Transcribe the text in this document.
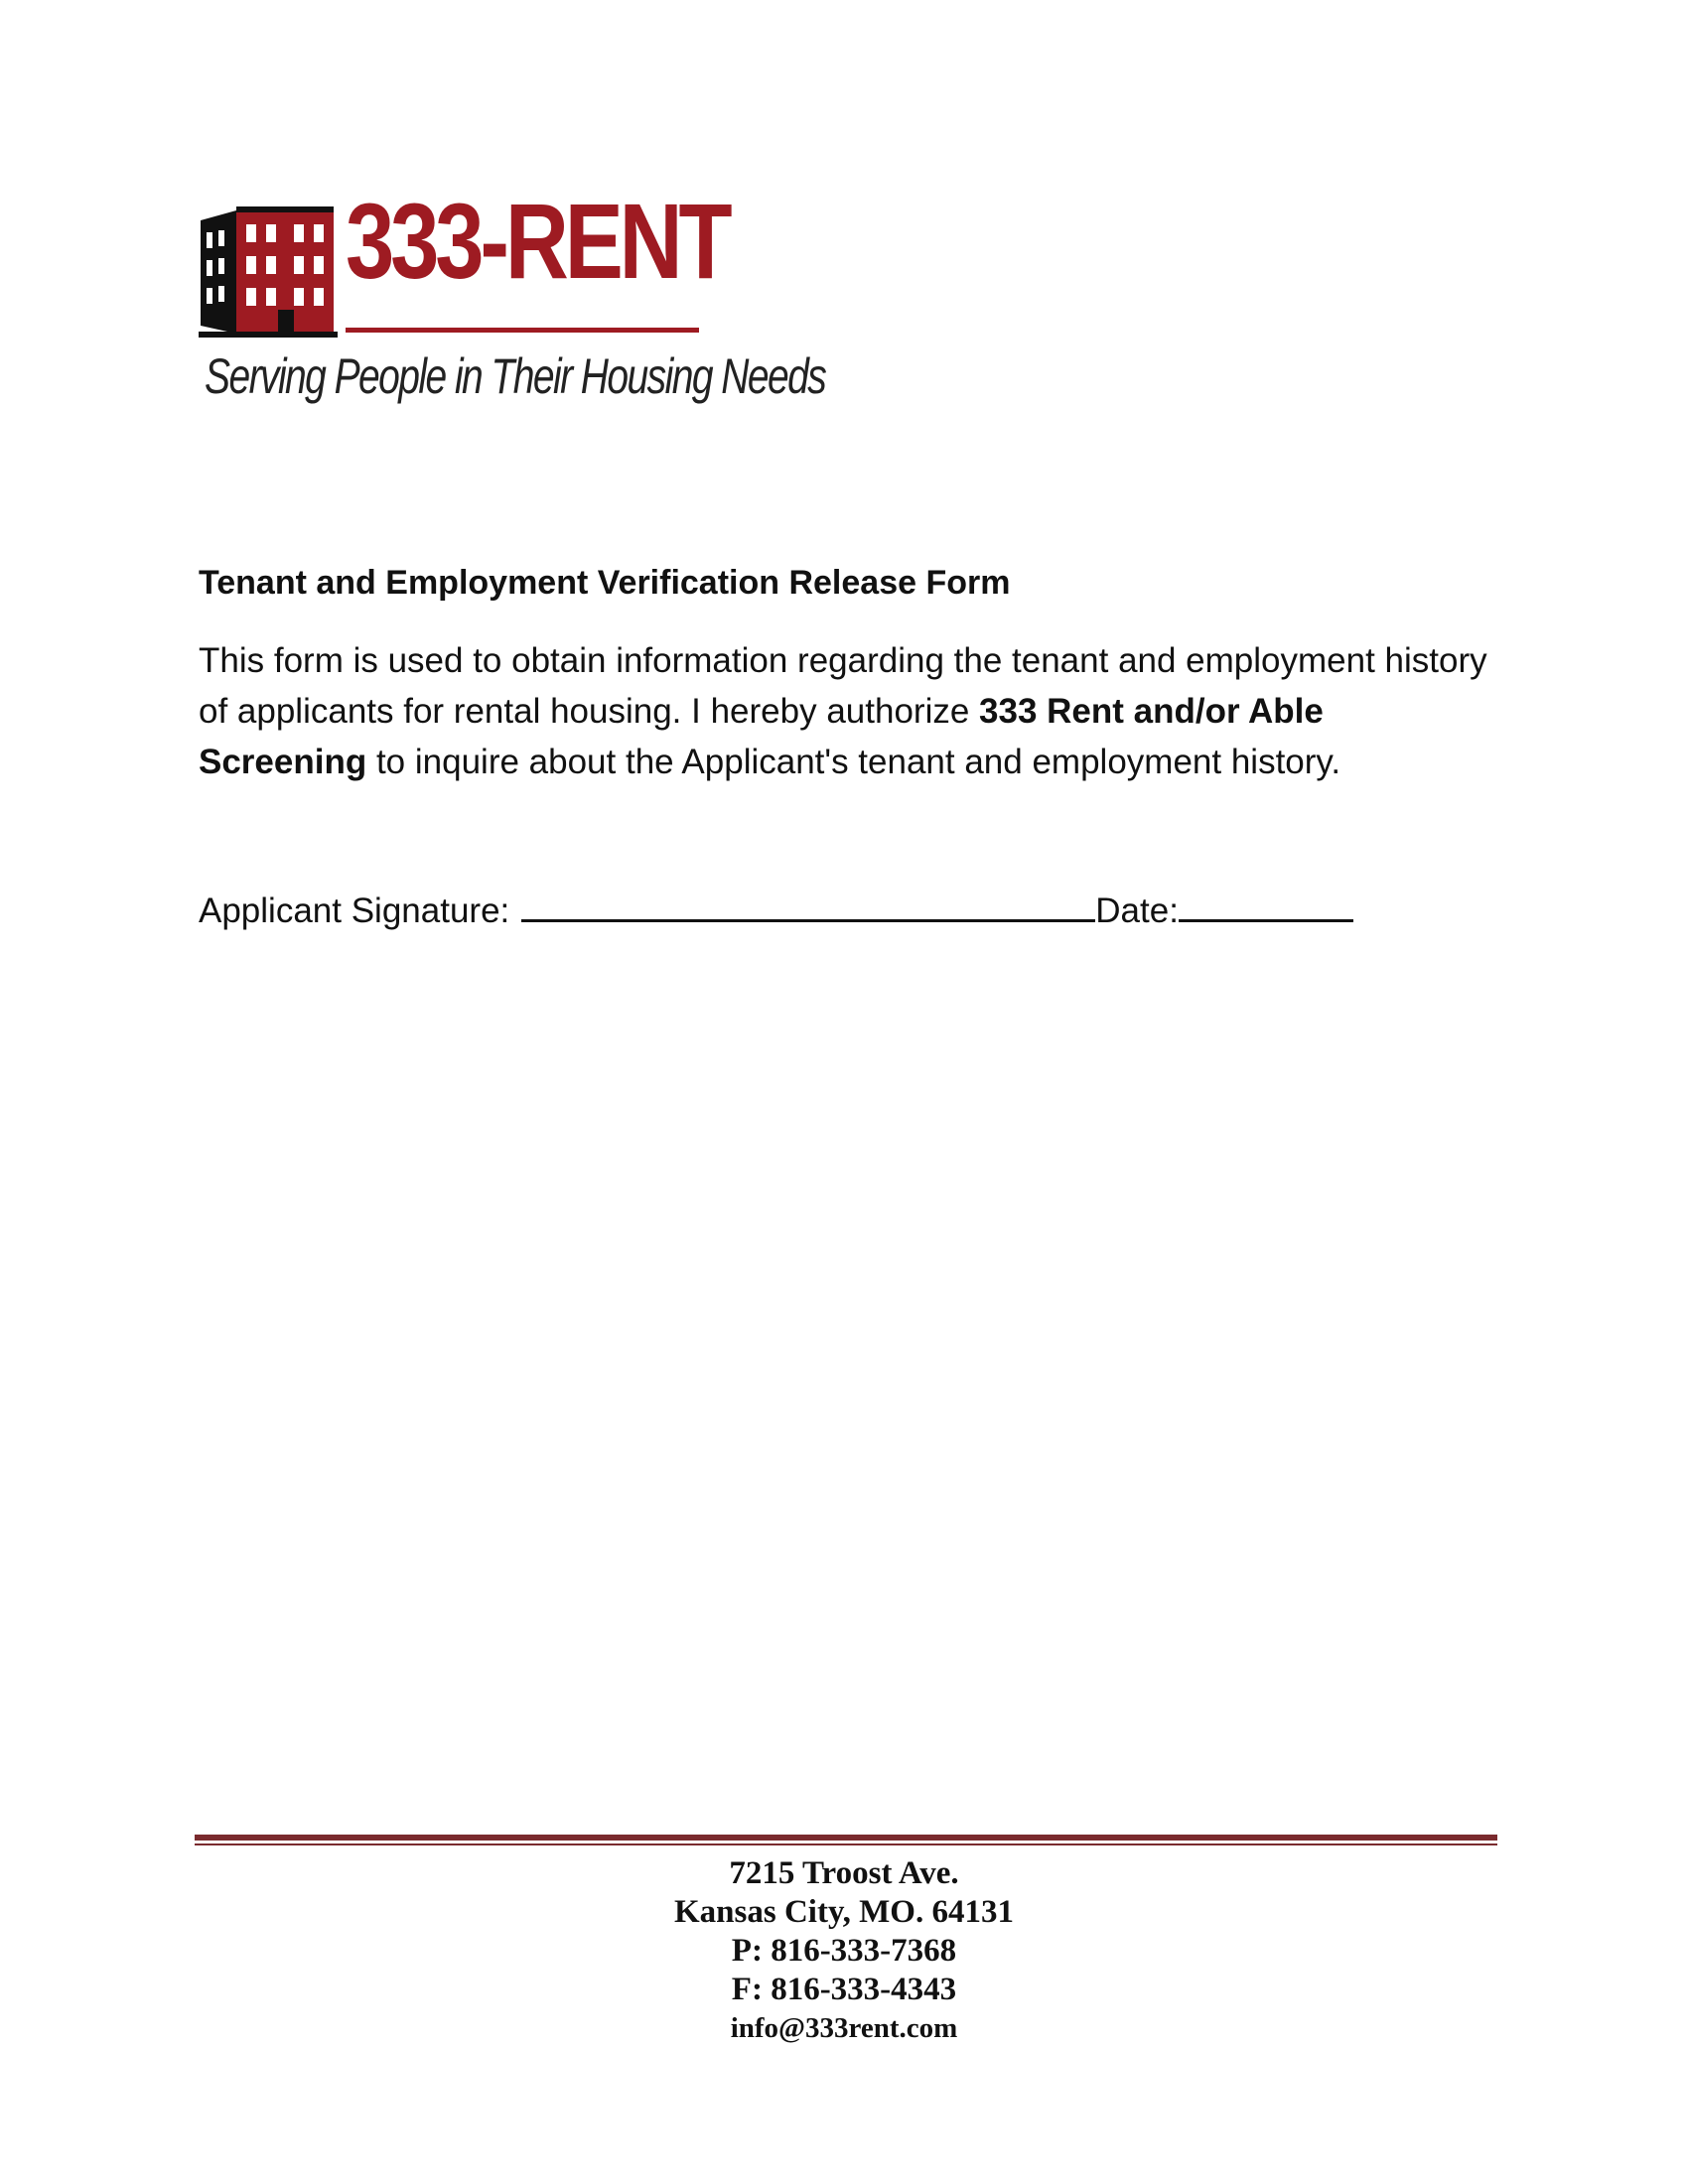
333-RENT
Serving People in Their Housing Needs
Tenant and Employment Verification Release Form

This form is used to obtain information regarding the tenant and employment history of applicants for rental housing. I hereby authorize 333 Rent and/or Able Screening to inquire about the Applicant's tenant and employment history.

Applicant Signature:	Date:
7215 Troost Ave.
Kansas City, MO. 64131
P: 816-333-7368
F: 816-333-4343
info@333rent.com
